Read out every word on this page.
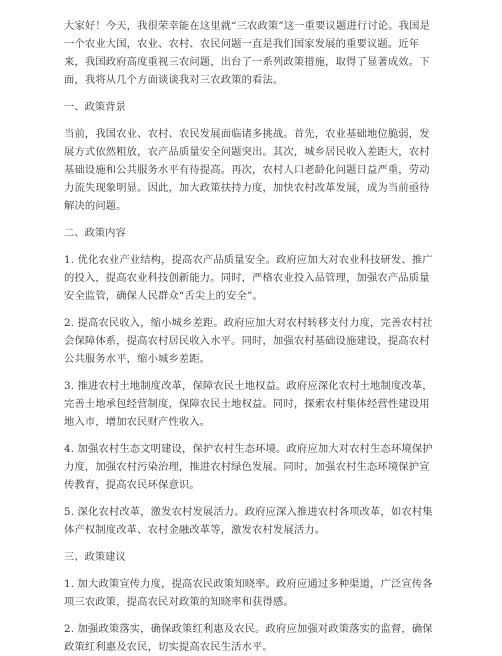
大家好！今天，我很荣幸能在这里就“三农政策”这一重要议题进行讨论。我国是一个农业大国，农业、农村、农民问题一直是我们国家发展的重要议题。近年来，我国政府高度重视三农问题，出台了一系列政策措施，取得了显著成效。下面，我将从几个方面谈谈我对三农政策的看法。

一、政策背景

当前，我国农业、农村、农民发展面临诸多挑战。首先，农业基础地位脆弱，发展方式依然粗放，农产品质量安全问题突出。其次，城乡居民收入差距大，农村基础设施和公共服务水平有待提高。再次，农村人口老龄化问题日益严重，劳动力流失现象明显。因此，加大政策扶持力度，加快农村改革发展，成为当前亟待解决的问题。

二、政策内容

1. 优化农业产业结构，提高农产品质量安全。政府应加大对农业科技研发、推广的投入，提高农业科技创新能力。同时，严格农业投入品管理，加强农产品质量安全监管，确保人民群众“舌尖上的安全”。

2. 提高农民收入，缩小城乡差距。政府应加大对农村转移支付力度，完善农村社会保障体系，提高农村居民收入水平。同时，加强农村基础设施建设，提高农村公共服务水平，缩小城乡差距。

3. 推进农村土地制度改革，保障农民土地权益。政府应深化农村土地制度改革，完善土地承包经营制度，保障农民土地权益。同时，探索农村集体经营性建设用地入市，增加农民财产性收入。

4. 加强农村生态文明建设，保护农村生态环境。政府应加大对农村生态环境保护力度，加强农村污染治理，推进农村绿色发展。同时，加强农村生态环境保护宣传教育，提高农民环保意识。

5. 深化农村改革，激发农村发展活力。政府应深入推进农村各项改革，如农村集体产权制度改革、农村金融改革等，激发农村发展活力。

三、政策建议

1. 加大政策宣传力度，提高农民政策知晓率。政府应通过多种渠道，广泛宣传各项三农政策，提高农民对政策的知晓率和获得感。

2. 加强政策落实，确保政策红利惠及农民。政府应加强对政策落实的监督，确保政策红利惠及农民，切实提高农民生活水平。
